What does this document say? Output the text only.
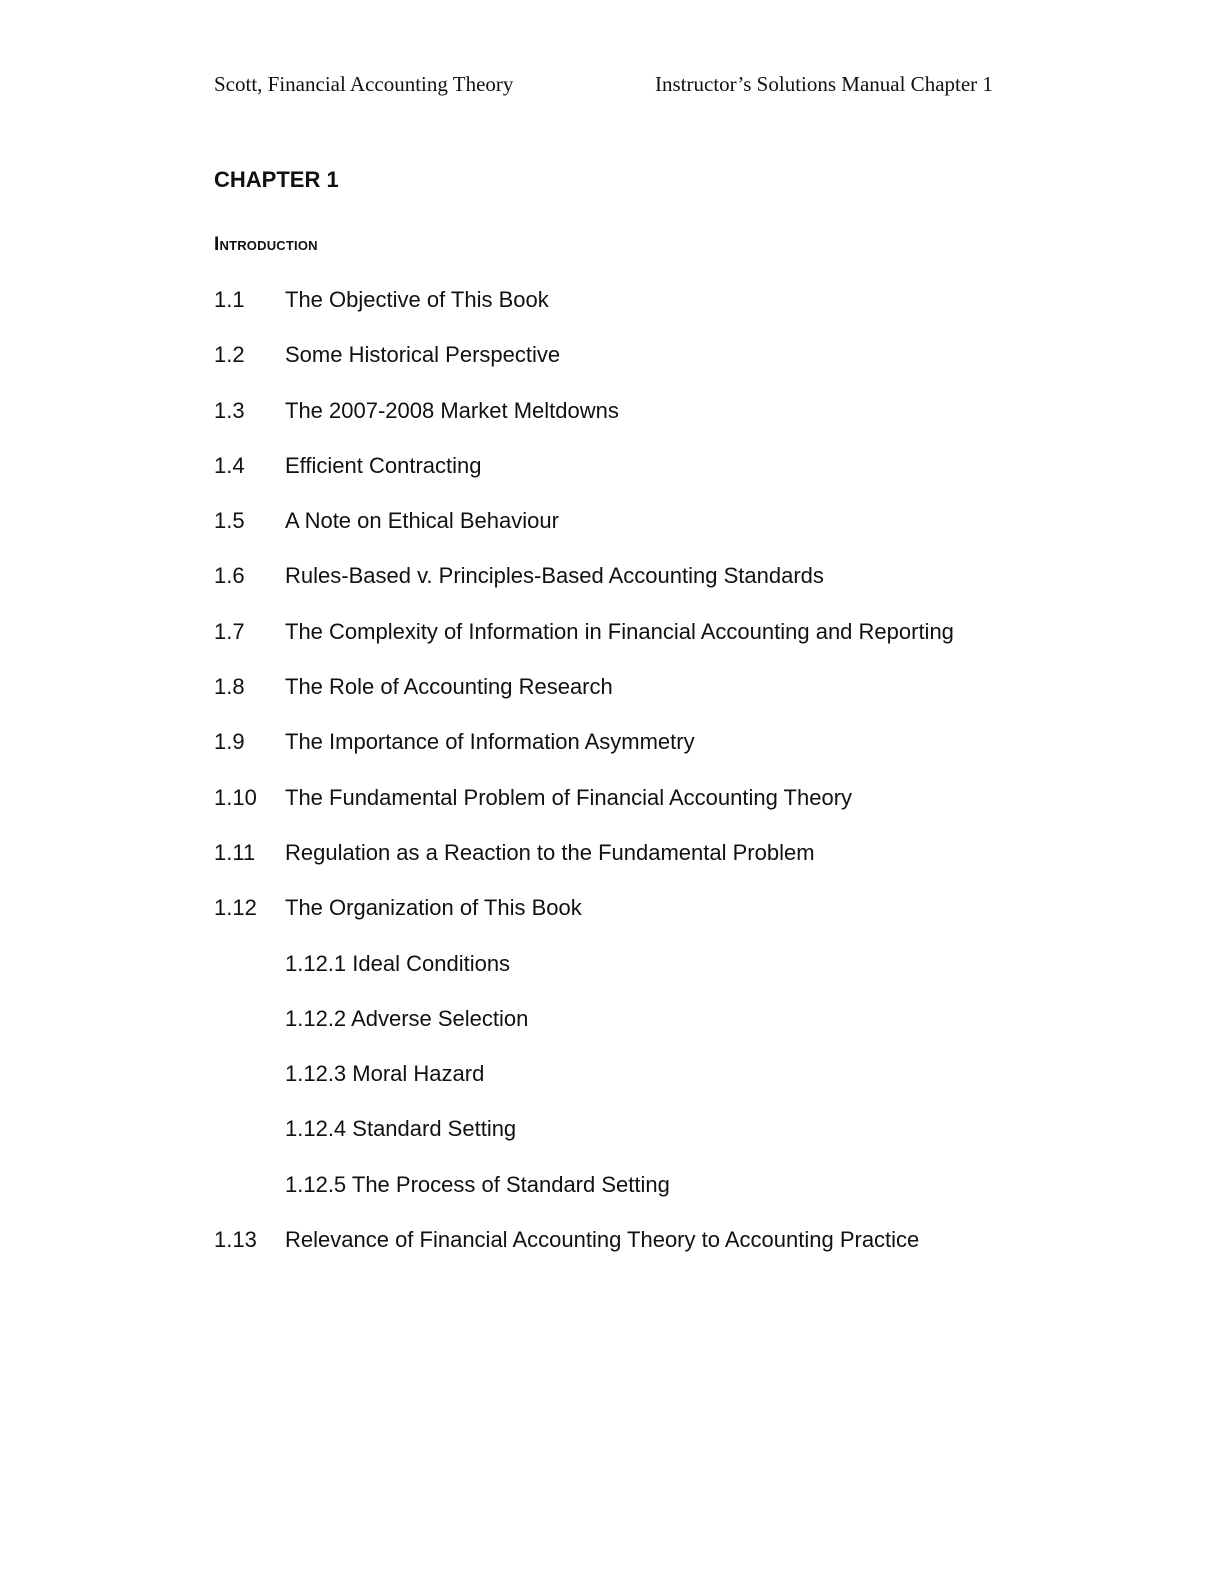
Scott, Financial Accounting Theory	Instructor’s Solutions Manual Chapter 1
CHAPTER 1
Introduction
1.1 The Objective of This Book
1.2 Some Historical Perspective
1.3 The 2007-2008 Market Meltdowns
1.4 Efficient Contracting
1.5 A Note on Ethical Behaviour
1.6 Rules-Based v. Principles-Based Accounting Standards
1.7 The Complexity of Information in Financial Accounting and Reporting
1.8 The Role of Accounting Research
1.9 The Importance of Information Asymmetry
1.10 The Fundamental Problem of Financial Accounting Theory
1.11 Regulation as a Reaction to the Fundamental Problem
1.12 The Organization of This Book
1.12.1 Ideal Conditions
1.12.2 Adverse Selection
1.12.3 Moral Hazard
1.12.4 Standard Setting
1.12.5 The Process of Standard Setting
1.13 Relevance of Financial Accounting Theory to Accounting Practice
